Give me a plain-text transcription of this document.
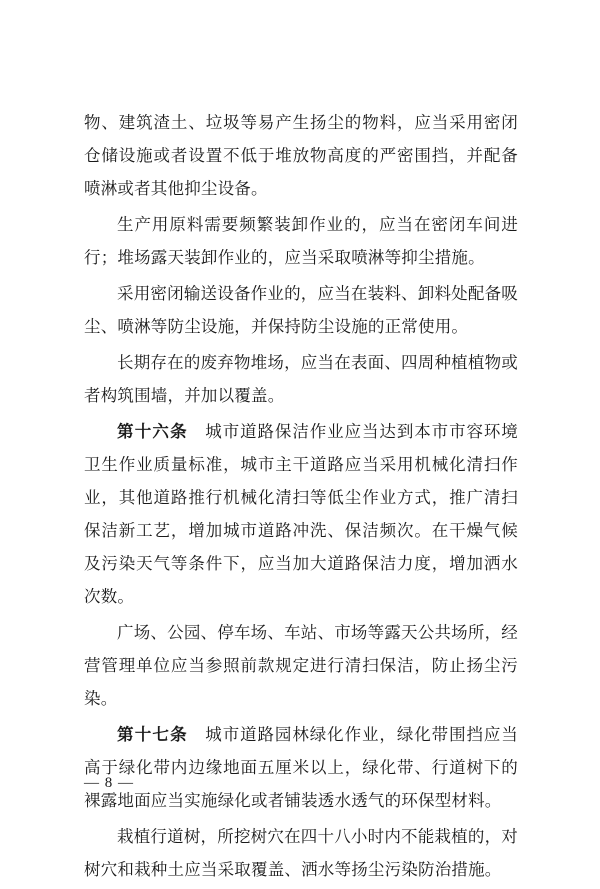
物、建筑渣土、垃圾等易产生扬尘的物料，应当采用密闭仓储设施或者设置不低于堆放物高度的严密围挡，并配备喷淋或者其他抑尘设备。

生产用原料需要频繁装卸作业的，应当在密闭车间进行；堆场露天装卸作业的，应当采取喷淋等抑尘措施。

采用密闭输送设备作业的，应当在装料、卸料处配备吸尘、喷淋等防尘设施，并保持防尘设施的正常使用。

长期存在的废弃物堆场，应当在表面、四周种植植物或者构筑围墙，并加以覆盖。

第十六条　 城市道路保洁作业应当达到本市市容环境卫生作业质量标准，城市主干道路应当采用机械化清扫作业，其他道路推行机械化清扫等低尘作业方式，推广清扫保洁新工艺，增加城市道路冲洗、保洁频次。在干燥气候及污染天气等条件下，应当加大道路保洁力度，增加洒水次数。

广场、公园、停车场、车站、市场等露天公共场所，经营管理单位应当参照前款规定进行清扫保洁，防止扬尘污染。

第十七条　 城市道路园林绿化作业，绿化带围挡应当高于绿化带内边缘地面五厘米以上，绿化带、行道树下的裸露地面应当实施绿化或者铺装透水透气的环保型材料。

栽植行道树，所挖树穴在四十八小时内不能栽植的，对树穴和栽种土应当采取覆盖、洒水等扬尘污染防治措施。

— 8 —
